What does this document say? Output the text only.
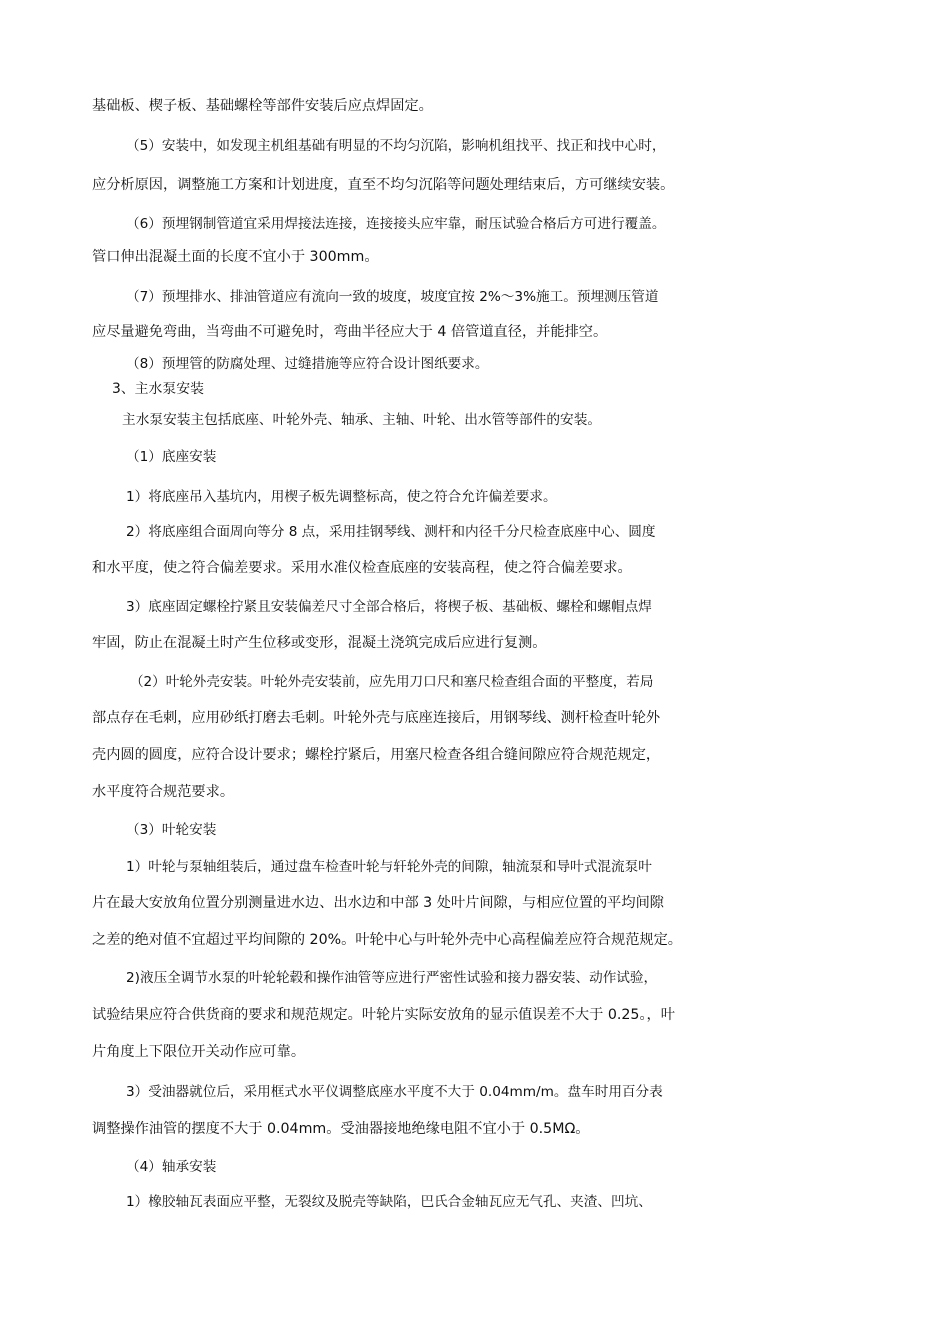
基础板、楔子板、基础螺栓等部件安装后应点焊固定。
（5）安装中，如发现主机组基础有明显的不均匀沉陷，影响机组找平、找正和找中心时，
应分析原因，调整施工方案和计划进度，直至不均匀沉陷等问题处理结束后，方可继续安装。
（6）预埋钢制管道宜采用焊接法连接，连接接头应牢靠，耐压试验合格后方可进行覆盖。
管口伸出混凝土面的长度不宜小于 300mm。
（7）预埋排水、排油管道应有流向一致的坡度，坡度宜按 2%～3%施工。预埋测压管道
应尽量避免弯曲，当弯曲不可避免时，弯曲半径应大于 4 倍管道直径，并能排空。
（8）预埋管的防腐处理、过缝措施等应符合设计图纸要求。
3、主水泵安装
主水泵安装主包括底座、叶轮外壳、轴承、主轴、叶轮、出水管等部件的安装。
（1）底座安装
1）将底座吊入基坑内，用楔子板先调整标高，使之符合允许偏差要求。
2）将底座组合面周向等分 8 点，采用挂钢琴线、测杆和内径千分尺检查底座中心、圆度
和水平度，使之符合偏差要求。采用水准仪检查底座的安装高程，使之符合偏差要求。
3）底座固定螺栓拧紧且安装偏差尺寸全部合格后，将楔子板、基础板、螺栓和螺帽点焊
牢固，防止在混凝土时产生位移或变形，混凝土浇筑完成后应进行复测。
（2）叶轮外壳安装。叶轮外壳安装前，应先用刀口尺和塞尺检查组合面的平整度，若局
部点存在毛刺，应用砂纸打磨去毛刺。叶轮外壳与底座连接后，用钢琴线、测杆检查叶轮外
壳内圆的圆度，应符合设计要求；螺栓拧紧后，用塞尺检查各组合缝间隙应符合规范规定，
水平度符合规范要求。
（3）叶轮安装
1）叶轮与泵轴组装后，通过盘车检查叶轮与轩轮外壳的间隙，轴流泵和导叶式混流泵叶
片在最大安放角位置分别测量进水边、出水边和中部 3 处叶片间隙，与相应位置的平均间隙
之差的绝对值不宜超过平均间隙的 20%。叶轮中心与叶轮外壳中心高程偏差应符合规范规定。
2)液压全调节水泵的叶轮轮毂和操作油管等应进行严密性试验和接力器安装、动作试验，
试验结果应符合供货商的要求和规范规定。叶轮片实际安放角的显示值误差不大于 0.25。，叶
片角度上下限位开关动作应可靠。
3）受油器就位后，采用框式水平仪调整底座水平度不大于 0.04mm/m。盘车时用百分表
调整操作油管的摆度不大于 0.04mm。受油器接地绝缘电阻不宜小于 0.5MΩ。
（4）轴承安装
1）橡胶轴瓦表面应平整，无裂纹及脱壳等缺陷，巴氏合金轴瓦应无气孔、夹渣、凹坑、
